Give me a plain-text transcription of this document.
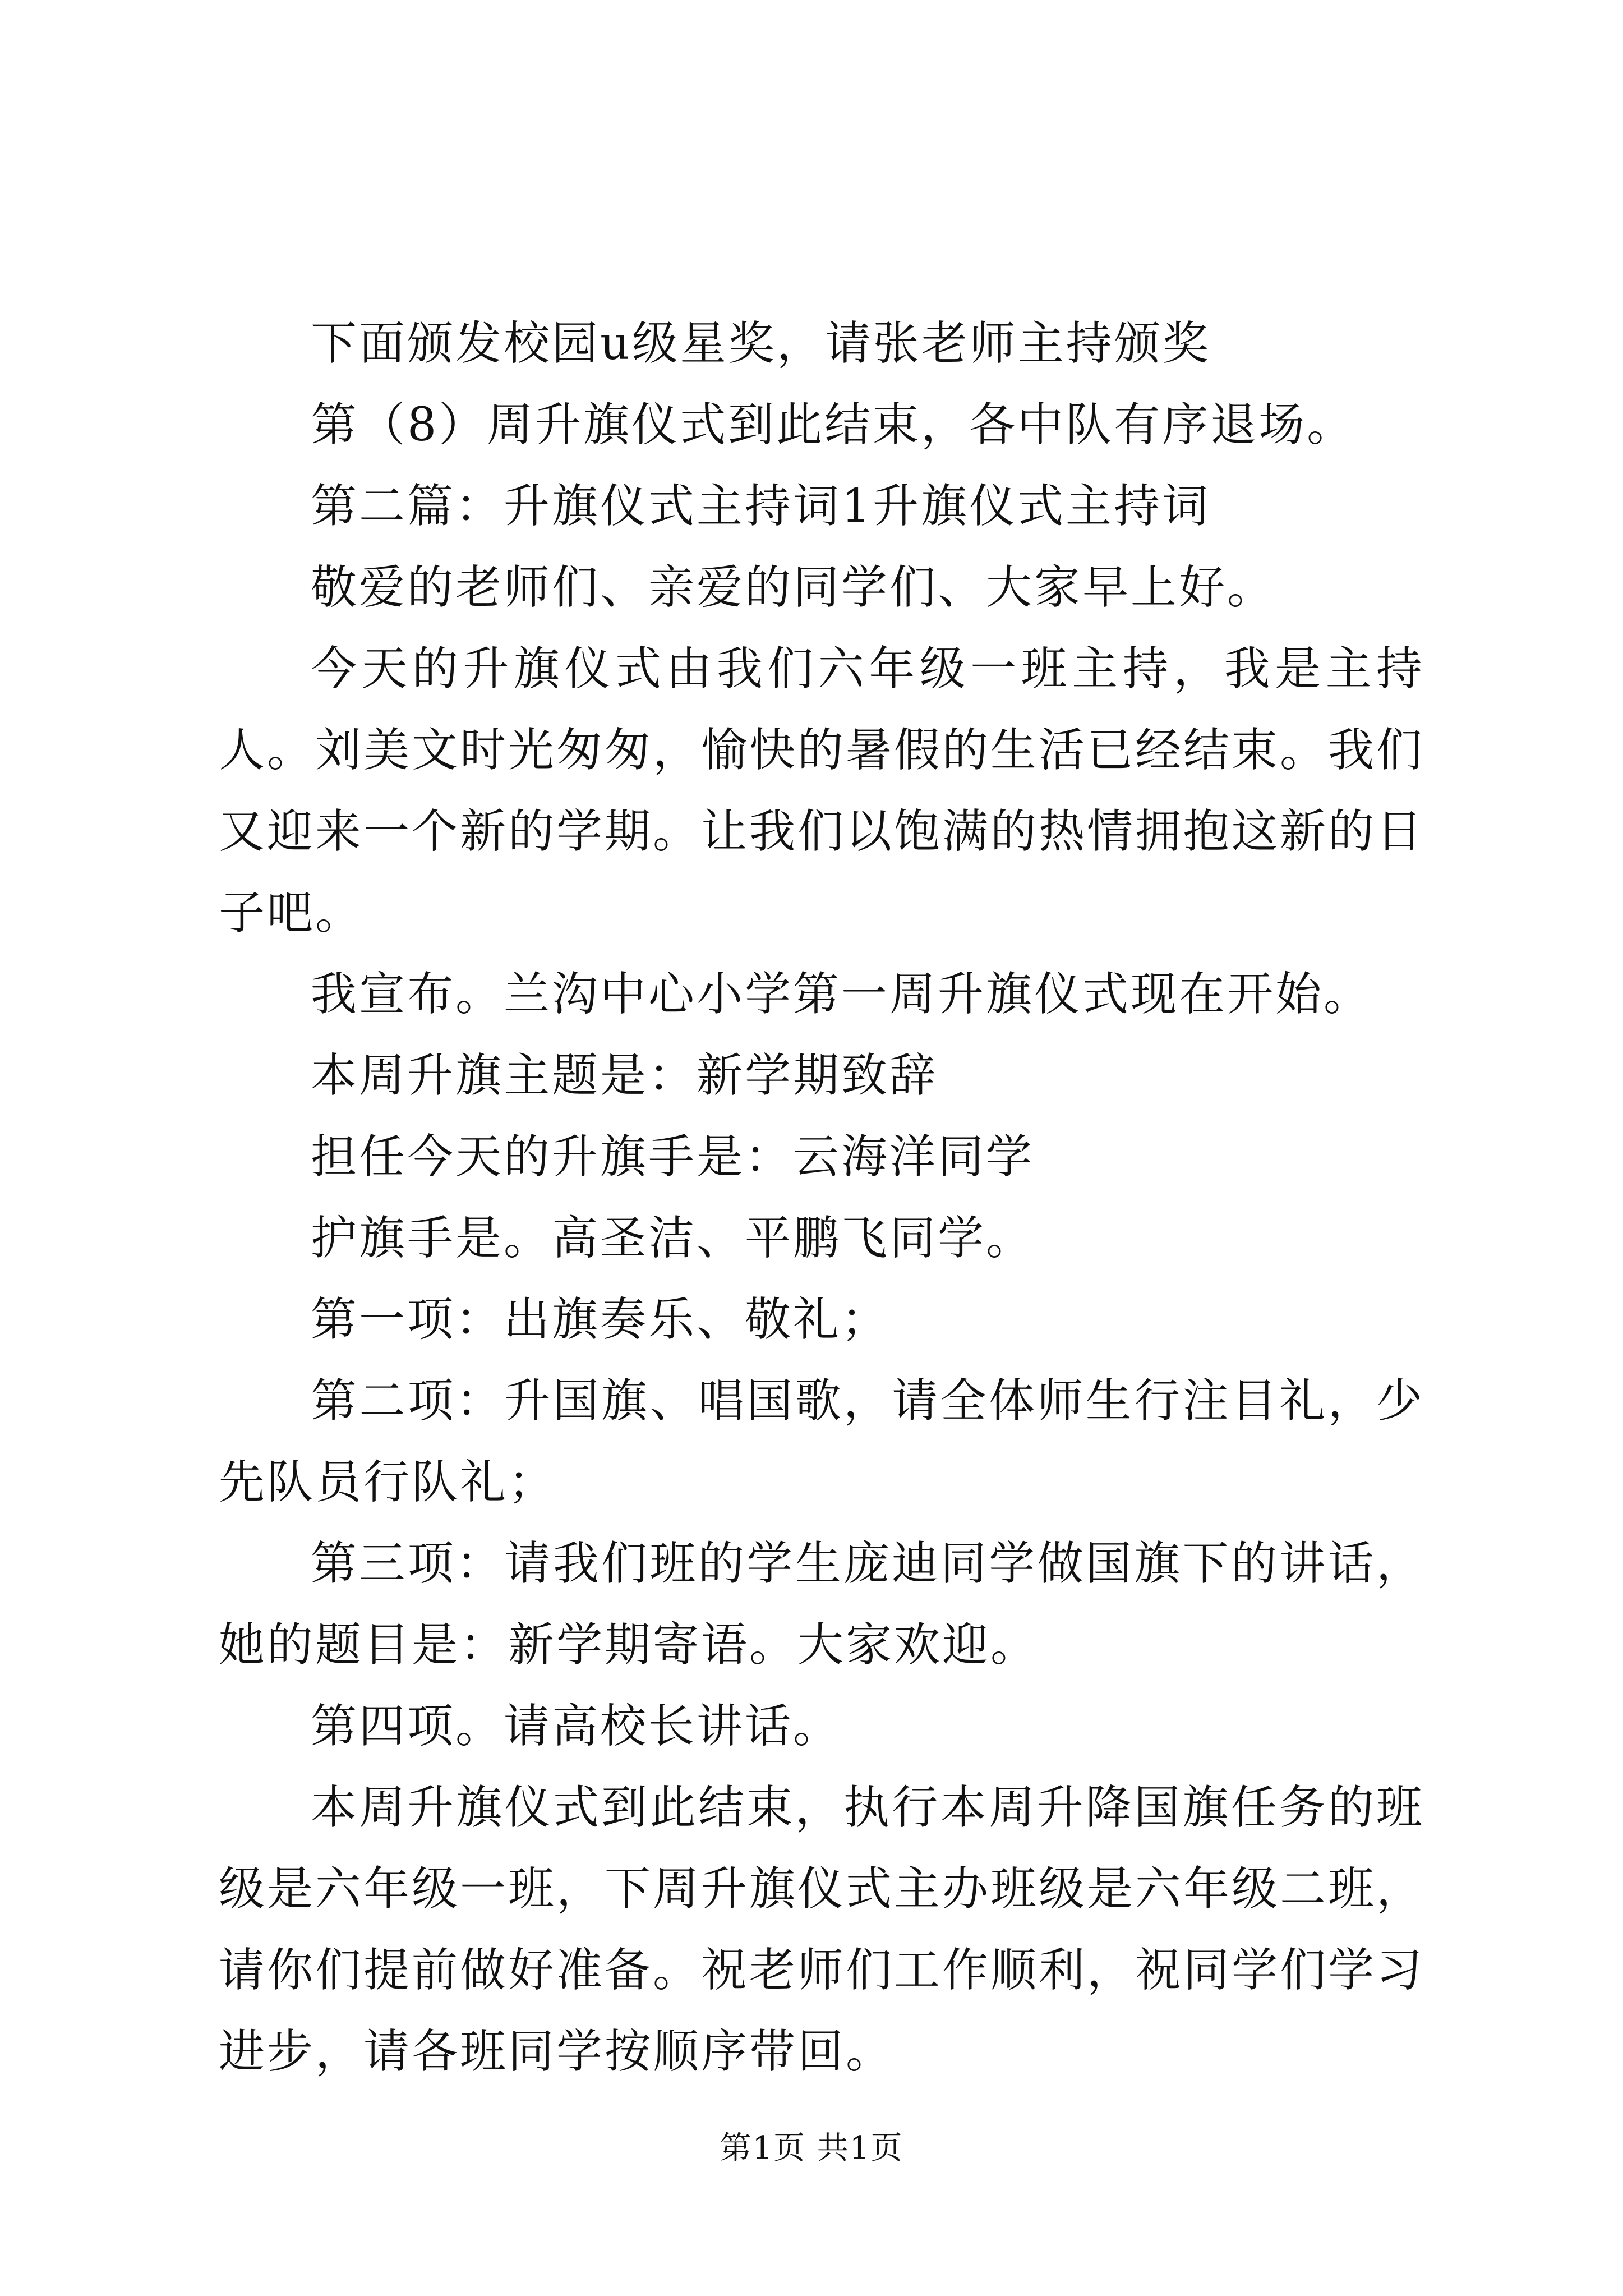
下面颁发校园u级星奖，请张老师主持颁奖

第（8）周升旗仪式到此结束，各中队有序退场。

第二篇：升旗仪式主持词1升旗仪式主持词

敬爱的老师们、亲爱的同学们、大家早上好。

今天的升旗仪式由我们六年级一班主持，我是主持人。刘美文时光匆匆，愉快的暑假的生活已经结束。我们又迎来一个新的学期。让我们以饱满的热情拥抱这新的日子吧。

我宣布。兰沟中心小学第一周升旗仪式现在开始。

本周升旗主题是：新学期致辞

担任今天的升旗手是：云海洋同学

护旗手是。高圣洁、平鹏飞同学。

第一项：出旗奏乐、敬礼；

第二项：升国旗、唱国歌，请全体师生行注目礼，少先队员行队礼；

第三项：请我们班的学生庞迪同学做国旗下的讲话，她的题目是：新学期寄语。大家欢迎。

第四项。请高校长讲话。

本周升旗仪式到此结束，执行本周升降国旗任务的班级是六年级一班，下周升旗仪式主办班级是六年级二班，请你们提前做好准备。祝老师们工作顺利，祝同学们学习进步，请各班同学按顺序带回。

第1页 共1页
